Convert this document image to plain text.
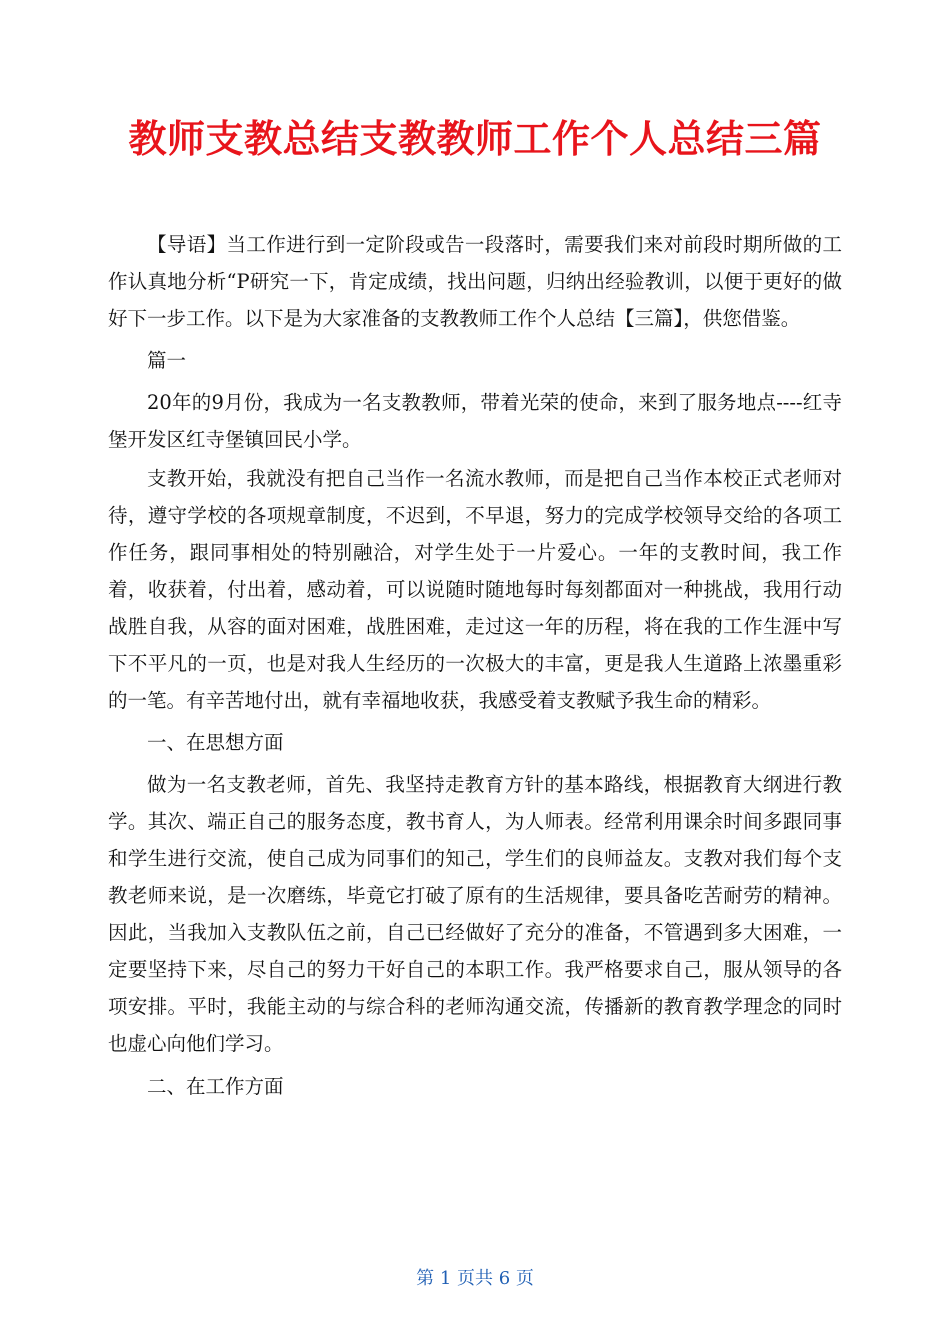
教师支教总结支教教师工作个人总结三篇

【导语】当工作进行到一定阶段或告一段落时，需要我们来对前段时期所做的工作认真地分析“P研究一下，肯定成绩，找出问题，归纳出经验教训，以便于更好的做好下一步工作。以下是为大家准备的支教教师工作个人总结【三篇】，供您借鉴。

篇一

20年的9月份，我成为一名支教教师，带着光荣的使命，来到了服务地点----红寺堡开发区红寺堡镇回民小学。

支教开始，我就没有把自己当作一名流水教师，而是把自己当作本校正式老师对待，遵守学校的各项规章制度，不迟到，不早退，努力的完成学校领导交给的各项工作任务，跟同事相处的特别融洽，对学生处于一片爱心。一年的支教时间，我工作着，收获着，付出着，感动着，可以说随时随地每时每刻都面对一种挑战，我用行动战胜自我，从容的面对困难，战胜困难，走过这一年的历程，将在我的工作生涯中写下不平凡的一页，也是对我人生经历的一次极大的丰富，更是我人生道路上浓墨重彩的一笔。有辛苦地付出，就有幸福地收获，我感受着支教赋予我生命的精彩。

一、在思想方面

做为一名支教老师，首先、我坚持走教育方针的基本路线，根据教育大纲进行教学。其次、端正自己的服务态度，教书育人，为人师表。经常利用课余时间多跟同事和学生进行交流，使自己成为同事们的知己，学生们的良师益友。支教对我们每个支教老师来说，是一次磨练，毕竟它打破了原有的生活规律，要具备吃苦耐劳的精神。因此，当我加入支教队伍之前，自己已经做好了充分的准备，不管遇到多大困难，一定要坚持下来，尽自己的努力干好自己的本职工作。我严格要求自己，服从领导的各项安排。平时，我能主动的与综合科的老师沟通交流，传播新的教育教学理念的同时也虚心向他们学习。

二、在工作方面

第 1 页共 6 页
